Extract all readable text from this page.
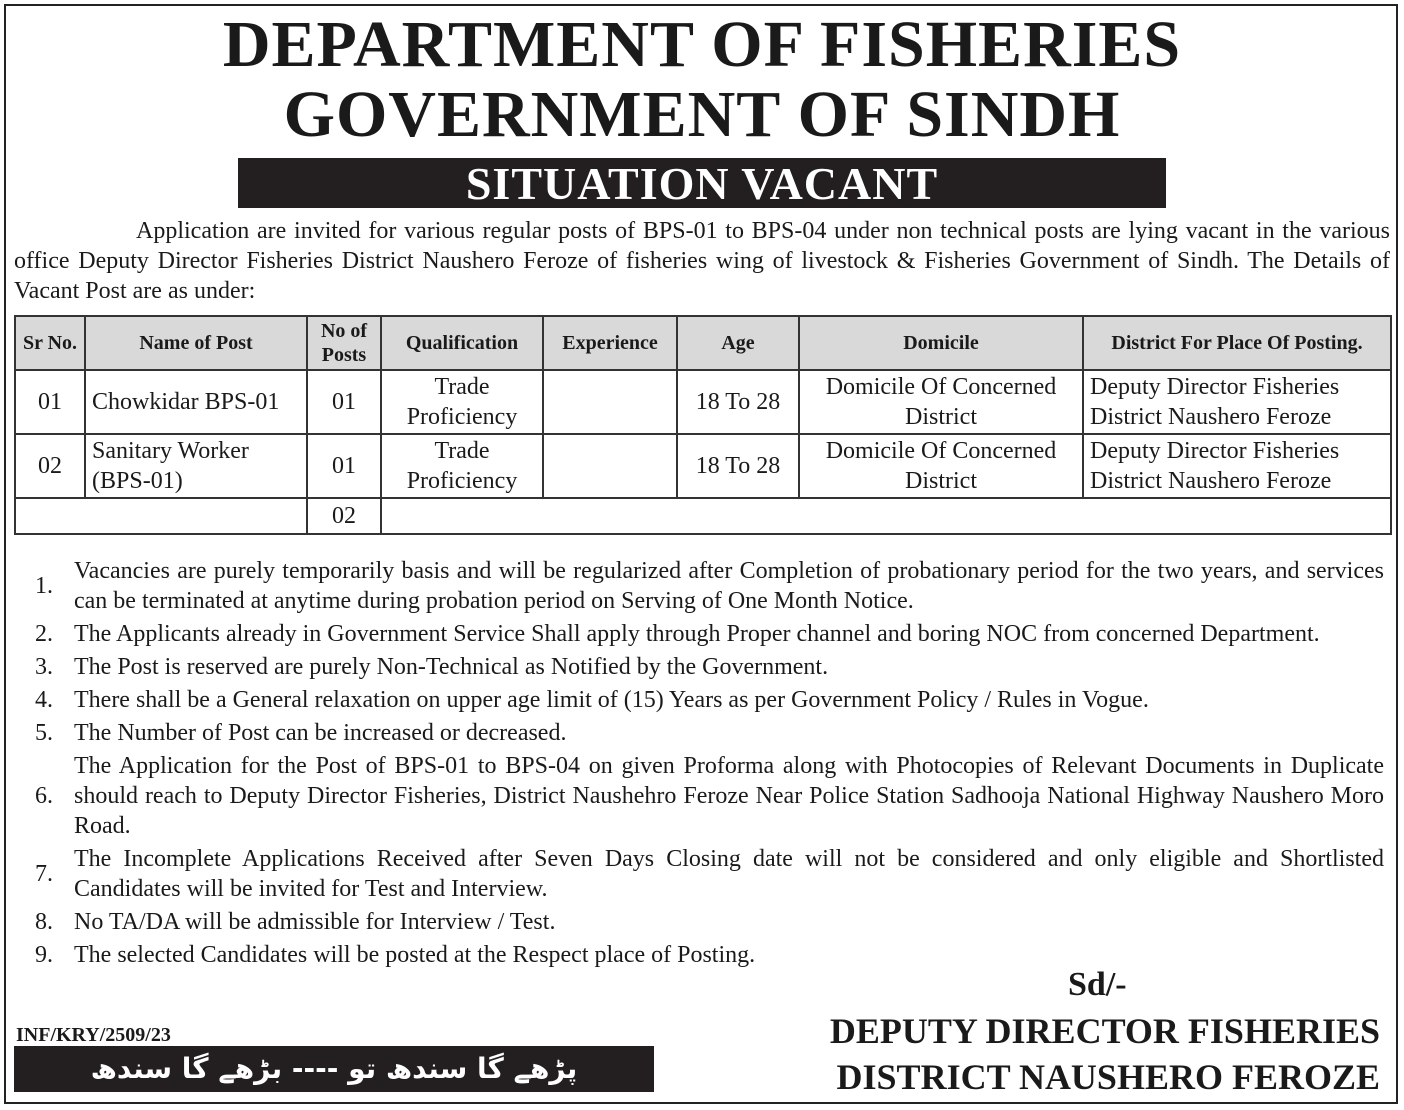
DEPARTMENT OF FISHERIES
GOVERNMENT OF SINDH
SITUATION VACANT
Application are invited for various regular posts of BPS-01 to BPS-04 under non technical posts are lying vacant in the various office Deputy Director Fisheries District Naushero Feroze of fisheries wing of livestock & Fisheries Government of Sindh. The Details of Vacant Post are as under:
Sr No.	Name of Post	No of Posts	Qualification	Experience	Age	Domicile	District For Place Of Posting.
01	Chowkidar BPS-01	01	Trade Proficiency		18 To 28	Domicile Of Concerned District	Deputy Director Fisheries District Naushero Feroze
02	Sanitary Worker (BPS-01)	01	Trade Proficiency		18 To 28	Domicile Of Concerned District	Deputy Director Fisheries District Naushero Feroze
		02					
1.
Vacancies are purely temporarily basis and will be regularized after Completion of probationary period for the two years, and services can be terminated at anytime during probation period on Serving of One Month Notice.
2. The Applicants already in Government Service Shall apply through Proper channel and boring NOC from concerned Department.
3. The Post is reserved are purely Non-Technical as Notified by the Government.
4. There shall be a General relaxation on upper age limit of (15) Years as per Government Policy / Rules in Vogue.
5. The Number of Post can be increased or decreased.
6.
The Application for the Post of BPS-01 to BPS-04 on given Proforma along with Photocopies of Relevant Documents in Duplicate should reach to Deputy Director Fisheries, District Naushehro Feroze Near Police Station Sadhooja National Highway Naushero Moro Road.
7.
The Incomplete Applications Received after Seven Days Closing date will not be considered and only eligible and Shortlisted Candidates will be invited for Test and Interview.
8. No TA/DA will be admissible for Interview / Test.
9. The selected Candidates will be posted at the Respect place of Posting.
Sd/-
INF/KRY/2509/23	DEPUTY DIRECTOR FISHERIES
DISTRICT NAUSHERO FEROZE
پڑھے گا سندھ تو ---- بڑھے گا سندھ
